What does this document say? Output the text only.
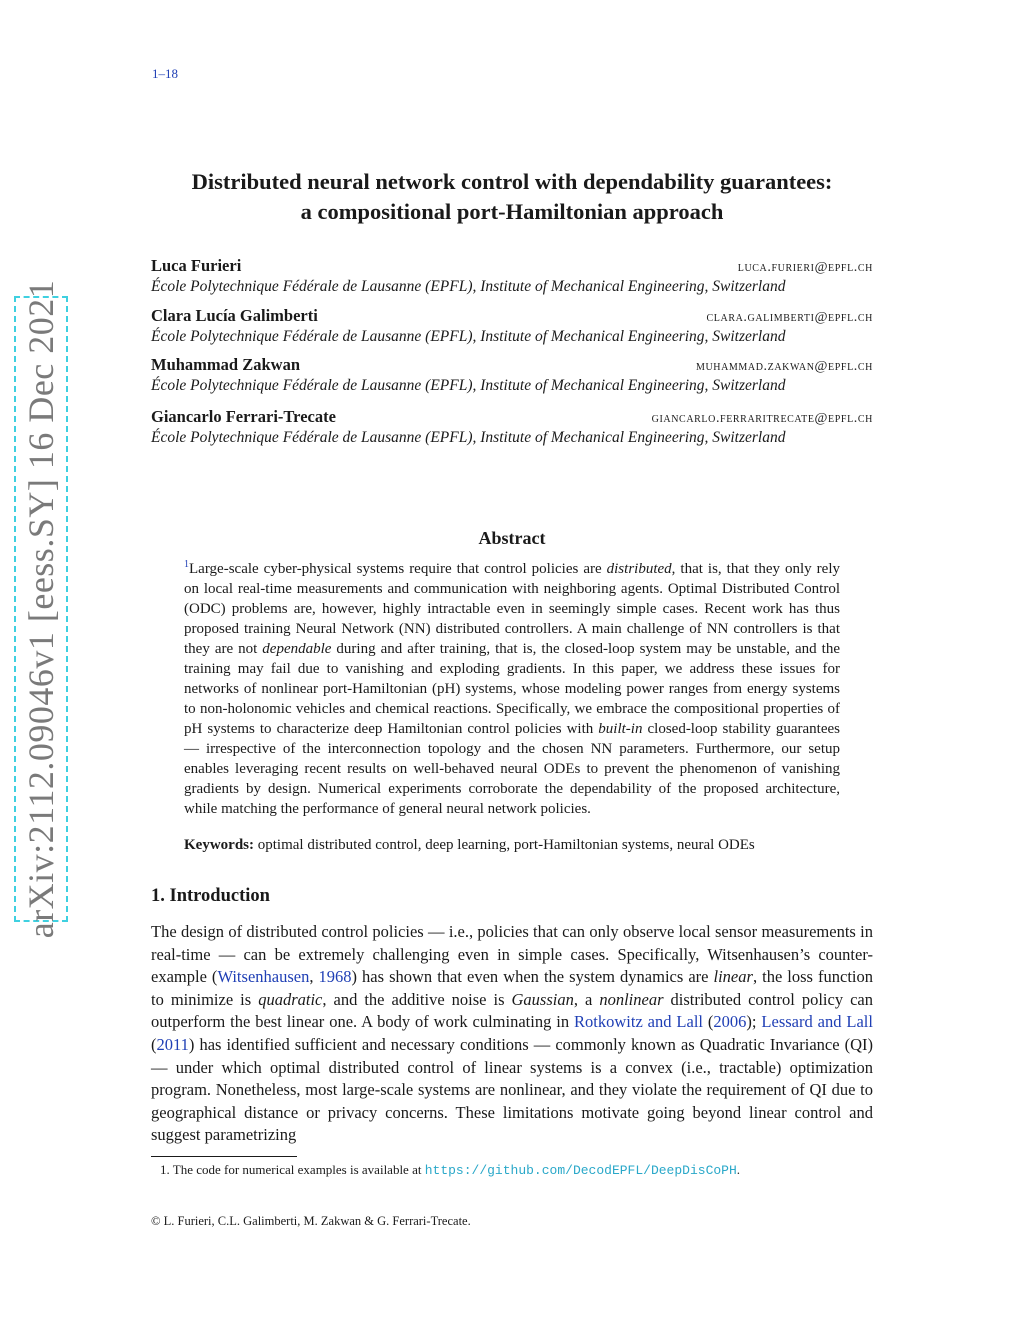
1–18
arXiv:2112.09046v1 [eess.SY] 16 Dec 2021
Distributed neural network control with dependability guarantees:
a compositional port-Hamiltonian approach
Luca Furieri	luca.furieri@epfl.ch
École Polytechnique Fédérale de Lausanne (EPFL), Institute of Mechanical Engineering, Switzerland
Clara Lucía Galimberti	clara.galimberti@epfl.ch
École Polytechnique Fédérale de Lausanne (EPFL), Institute of Mechanical Engineering, Switzerland
Muhammad Zakwan	muhammad.zakwan@epfl.ch
École Polytechnique Fédérale de Lausanne (EPFL), Institute of Mechanical Engineering, Switzerland
Giancarlo Ferrari-Trecate	giancarlo.ferraritrecate@epfl.ch
École Polytechnique Fédérale de Lausanne (EPFL), Institute of Mechanical Engineering, Switzerland
Abstract
$^1$Large-scale cyber-physical systems require that control policies are distributed, that is, that they only rely on local real-time measurements and communication with neighboring agents. Optimal Distributed Control (ODC) problems are, however, highly intractable even in seemingly simple cases. Recent work has thus proposed training Neural Network (NN) distributed controllers. A main challenge of NN controllers is that they are not dependable during and after training, that is, the closed-loop system may be unstable, and the training may fail due to vanishing and exploding gradients. In this paper, we address these issues for networks of nonlinear port-Hamiltonian (pH) systems, whose modeling power ranges from energy systems to non-holonomic vehicles and chemical reactions. Specifically, we embrace the compositional properties of pH systems to characterize deep Hamiltonian control policies with built-in closed-loop stability guarantees — irrespective of the interconnection topology and the chosen NN parameters. Furthermore, our setup enables leveraging recent results on well-behaved neural ODEs to prevent the phenomenon of vanishing gradients by design. Numerical experiments corroborate the dependability of the proposed architecture, while matching the performance of general neural network policies.
Keywords: optimal distributed control, deep learning, port-Hamiltonian systems, neural ODEs
1. Introduction
The design of distributed control policies — i.e., policies that can only observe local sensor measurements in real-time — can be extremely challenging even in simple cases. Specifically, Witsenhausen’s counter-example (Witsenhausen, 1968) has shown that even when the system dynamics are linear, the loss function to minimize is quadratic, and the additive noise is Gaussian, a nonlinear distributed control policy can outperform the best linear one. A body of work culminating in Rotkowitz and Lall (2006); Lessard and Lall (2011) has identified sufficient and necessary conditions — commonly known as Quadratic Invariance (QI) — under which optimal distributed control of linear systems is a convex (i.e., tractable) optimization program. Nonetheless, most large-scale systems are nonlinear, and they violate the requirement of QI due to geographical distance or privacy concerns. These limitations motivate going beyond linear control and suggest parametrizing
1. The code for numerical examples is available at https://github.com/DecodEPFL/DeepDisCoPH.
© L. Furieri, C.L. Galimberti, M. Zakwan & G. Ferrari-Trecate.
